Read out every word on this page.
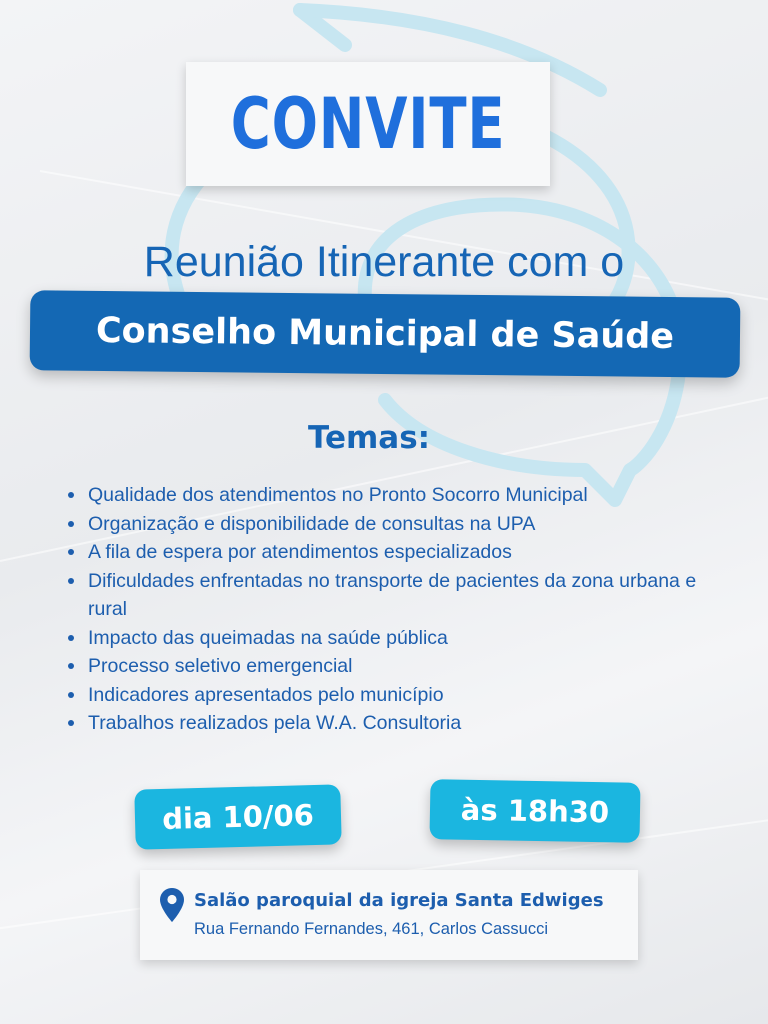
CONVITE
Reunião Itinerante com o
Conselho Municipal de Saúde
Temas:
Qualidade dos atendimentos no Pronto Socorro Municipal
Organização e disponibilidade de consultas na UPA
A fila de espera por atendimentos especializados
Dificuldades enfrentadas no transporte de pacientes da zona urbana e rural
Impacto das queimadas na saúde pública
Processo seletivo emergencial
Indicadores apresentados pelo município
Trabalhos realizados pela W.A. Consultoria
dia 10/06	às 18h30
Salão paroquial da igreja Santa Edwiges
Rua Fernando Fernandes, 461, Carlos Cassucci
